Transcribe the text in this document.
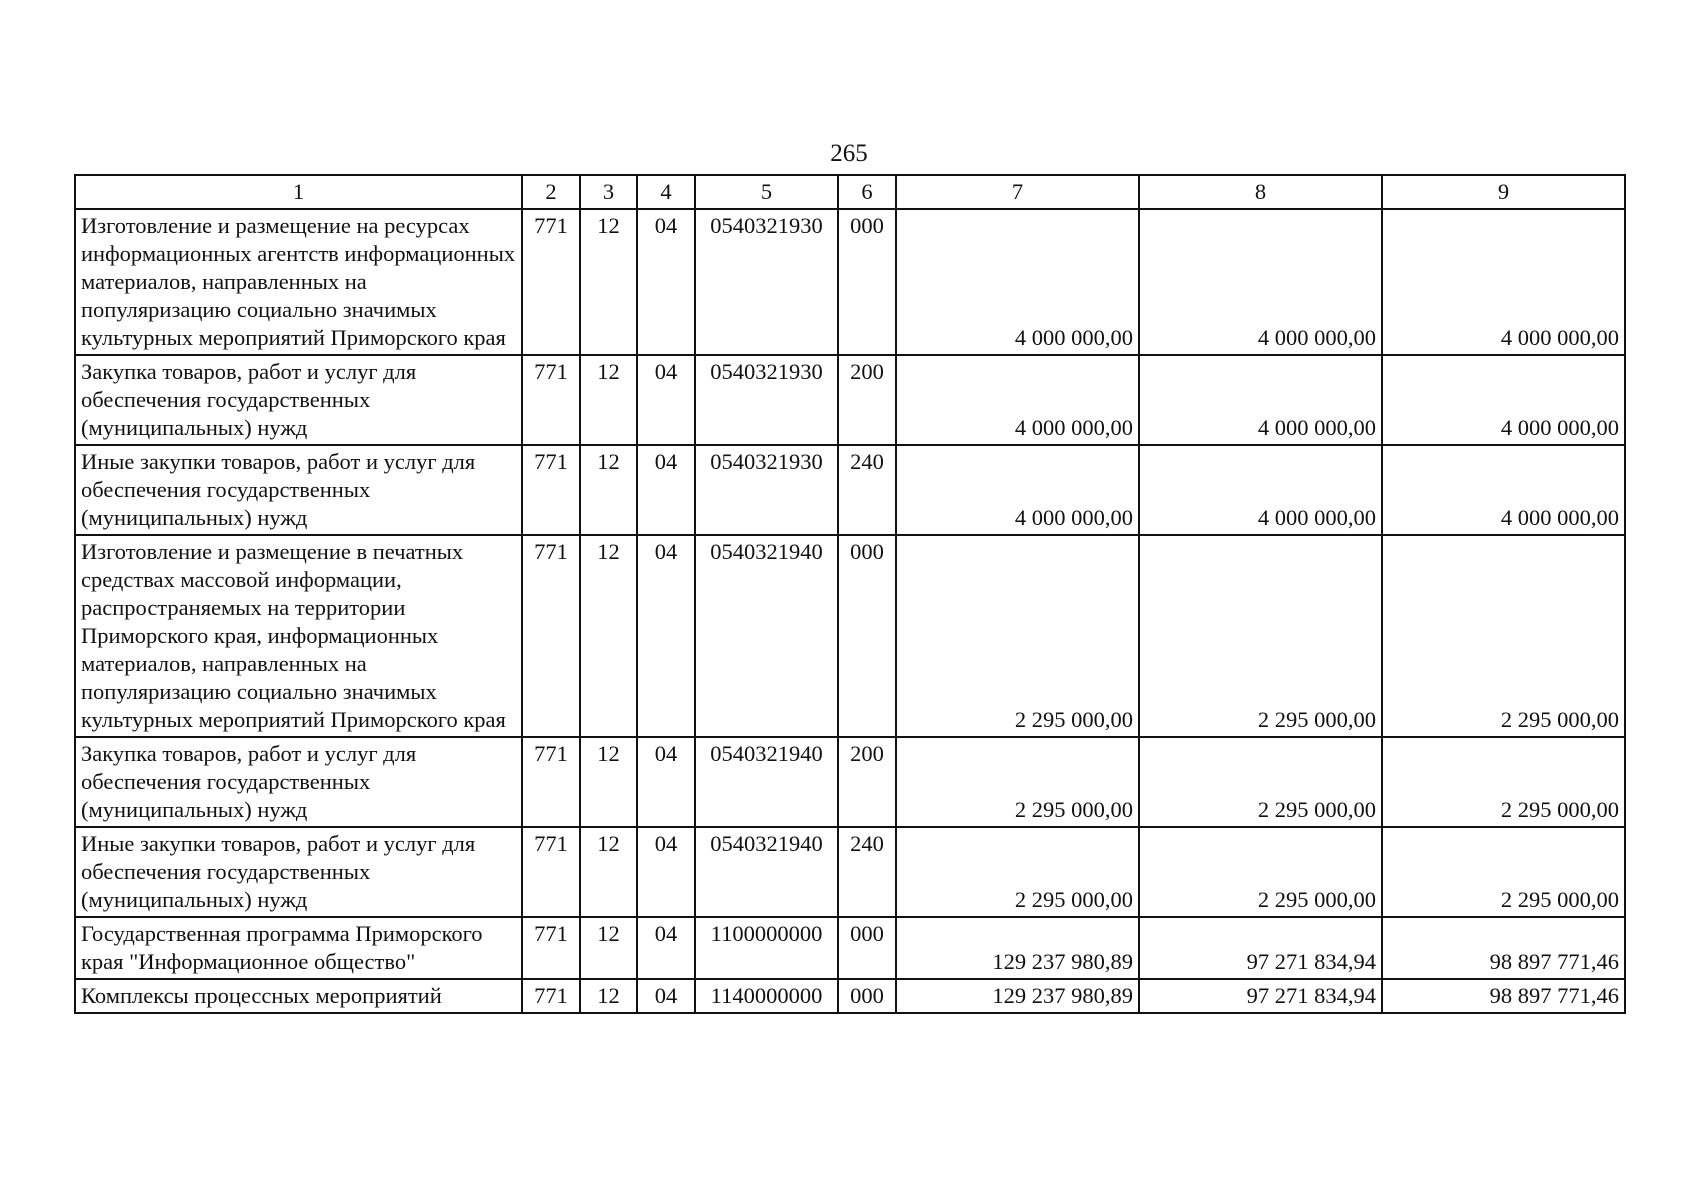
265
1	2	3	4	5	6	7	8	9
Изготовление и размещение на ресурсах информационных агентств информационных материалов, направленных на популяризацию социально значимых культурных мероприятий Приморского края	771	12	04	0540321930	000	4 000 000,00	4 000 000,00	4 000 000,00
Закупка товаров, работ и услуг для обеспечения государственных (муниципальных) нужд	771	12	04	0540321930	200	4 000 000,00	4 000 000,00	4 000 000,00
Иные закупки товаров, работ и услуг для обеспечения государственных (муниципальных) нужд	771	12	04	0540321930	240	4 000 000,00	4 000 000,00	4 000 000,00
Изготовление и размещение в печатных средствах массовой информации, распространяемых на территории Приморского края, информационных материалов, направленных на популяризацию социально значимых культурных мероприятий Приморского края	771	12	04	0540321940	000	2 295 000,00	2 295 000,00	2 295 000,00
Закупка товаров, работ и услуг для обеспечения государственных (муниципальных) нужд	771	12	04	0540321940	200	2 295 000,00	2 295 000,00	2 295 000,00
Иные закупки товаров, работ и услуг для обеспечения государственных (муниципальных) нужд	771	12	04	0540321940	240	2 295 000,00	2 295 000,00	2 295 000,00
Государственная программа Приморского края "Информационное общество"	771	12	04	1100000000	000	129 237 980,89	97 271 834,94	98 897 771,46
Комплексы процессных мероприятий	771	12	04	1140000000	000	129 237 980,89	97 271 834,94	98 897 771,46
